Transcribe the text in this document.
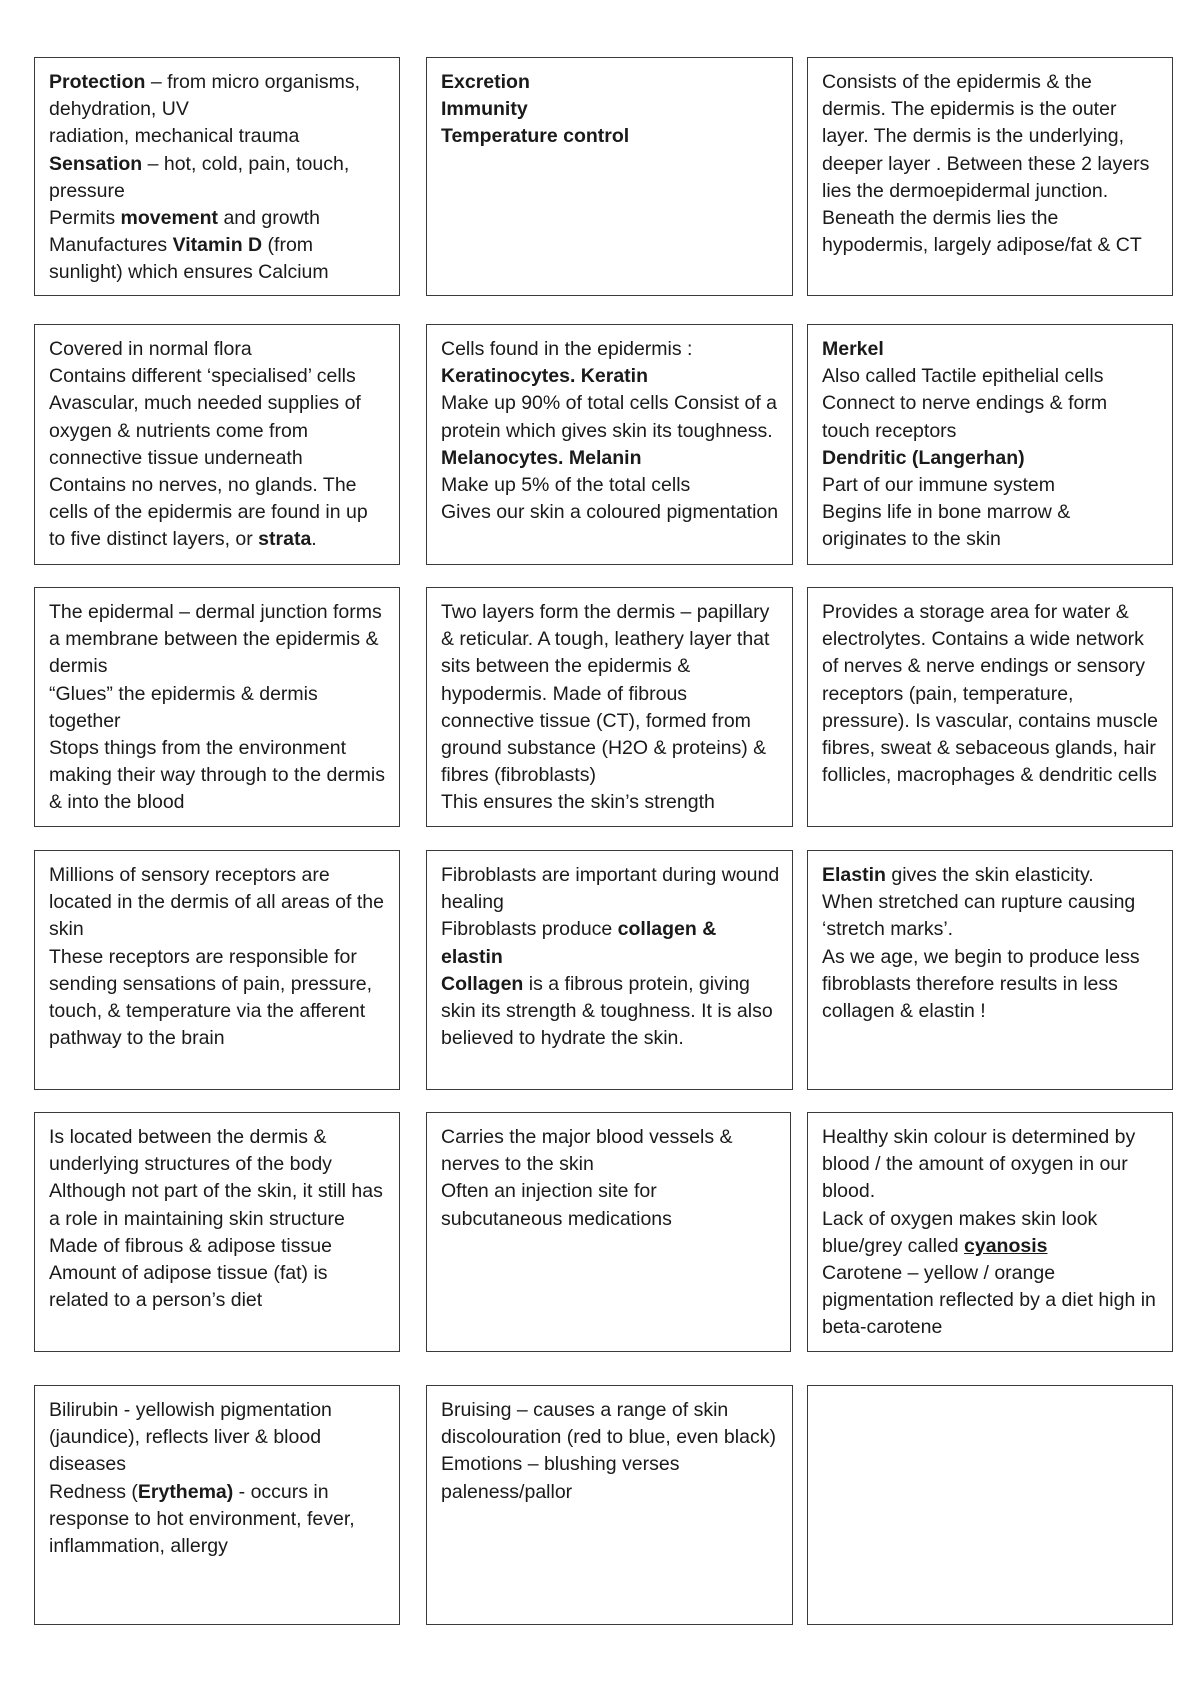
Protection – from micro organisms, dehydration, UV
radiation, mechanical trauma
Sensation – hot, cold, pain, touch, pressure
Permits movement and growth
Manufactures Vitamin D (from sunlight) which ensures Calcium
Excretion
Immunity
Temperature control
Consists of the epidermis & the dermis. The epidermis is the outer layer. The dermis is the underlying, deeper layer . Between these 2 layers lies the dermoepidermal junction. Beneath the dermis lies the hypodermis, largely adipose/fat & CT
Covered in normal flora
Contains different ‘specialised’ cells
Avascular, much needed supplies of oxygen & nutrients come from connective tissue underneath
Contains no nerves, no glands. The cells of the epidermis are found in up to five distinct layers, or strata.
Cells found in the epidermis :
Keratinocytes. Keratin
Make up 90% of total cells Consist of a protein which gives skin its toughness. Melanocytes. Melanin
Make up 5% of the total cells
Gives our skin a coloured pigmentation
Merkel
Also called Tactile epithelial cells
Connect to nerve endings & form touch receptors
Dendritic (Langerhan)
Part of our immune system
Begins life in bone marrow & originates to the skin
The epidermal – dermal junction forms a membrane between the epidermis & dermis
“Glues” the epidermis & dermis together
Stops things from the environment making their way through to the dermis & into the blood
Two layers form the dermis – papillary & reticular. A tough, leathery layer that sits between the epidermis & hypodermis. Made of fibrous connective tissue (CT), formed from ground substance (H2O & proteins) & fibres (fibroblasts)
This ensures the skin’s strength
Provides a storage area for water & electrolytes. Contains a wide network of nerves & nerve endings or sensory receptors (pain, temperature, pressure). Is vascular, contains muscle fibres, sweat & sebaceous glands, hair follicles, macrophages & dendritic cells
Millions of sensory receptors are located in the dermis of all areas of the skin
These receptors are responsible for sending sensations of pain, pressure, touch, & temperature via the afferent pathway to the brain
Fibroblasts are important during wound healing
Fibroblasts produce collagen & elastin
Collagen is a fibrous protein, giving skin its strength & toughness. It is also believed to hydrate the skin.
Elastin gives the skin elasticity.
When stretched can rupture causing ‘stretch marks’.
As we age, we begin to produce less fibroblasts therefore results in less collagen & elastin !
Is located between the dermis & underlying structures of the body
Although not part of the skin, it still has a role in maintaining skin structure
Made of fibrous & adipose tissue
Amount of adipose tissue (fat) is related to a person’s diet
Carries the major blood vessels & nerves to the skin
Often an injection site for subcutaneous medications
Healthy skin colour is determined by blood / the amount of oxygen in our blood.
Lack of oxygen makes skin look blue/grey called cyanosis
Carotene – yellow / orange pigmentation reflected by a diet high in beta-carotene
Bilirubin - yellowish pigmentation (jaundice), reflects liver & blood diseases
Redness (Erythema) - occurs in response to hot environment, fever, inflammation, allergy
Bruising – causes a range of skin discolouration (red to blue, even black)
Emotions – blushing verses paleness/pallor
